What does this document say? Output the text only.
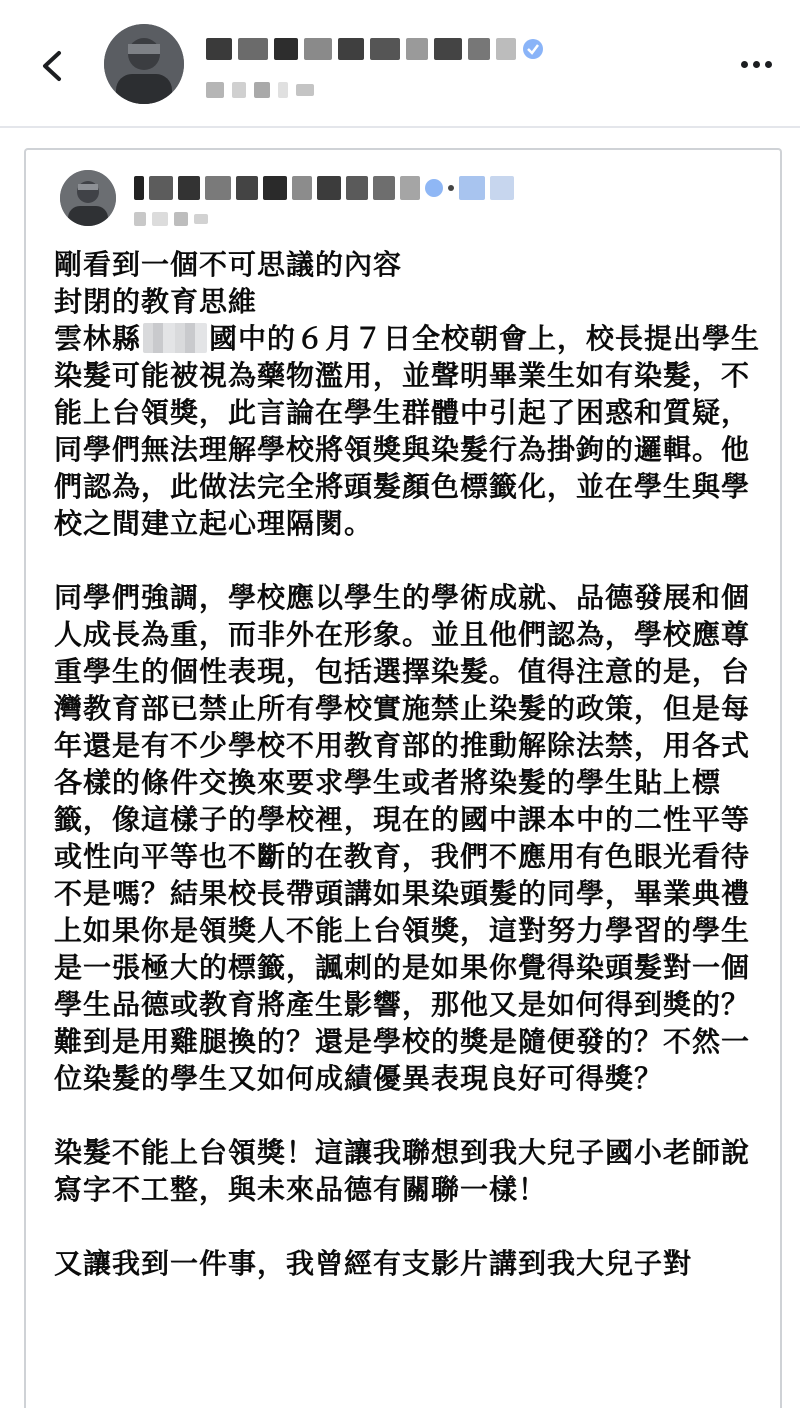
剛看到一個不可思議的內容

封閉的教育思維

雲林縣 國中的６月７日全校朝會上，校長提出學生染髮可能被視為藥物濫用，並聲明畢業生如有染髮，不能上台領獎，此言論在學生群體中引起了困惑和質疑，同學們無法理解學校將領獎與染髮行為掛鉤的邏輯。他們認為，此做法完全將頭髮顏色標籤化，並在學生與學校之間建立起心理隔閡。

同學們強調，學校應以學生的學術成就、品德發展和個人成長為重，而非外在形象。並且他們認為，學校應尊重學生的個性表現，包括選擇染髮。值得注意的是，台灣教育部已禁止所有學校實施禁止染髮的政策，但是每年還是有不少學校不用教育部的推動解除法禁，用各式各樣的條件交換來要求學生或者將染髮的學生貼上標籤，像這樣子的學校裡，現在的國中課本中的二性平等或性向平等也不斷的在教育，我們不應用有色眼光看待不是嗎？結果校長帶頭講如果染頭髮的同學，畢業典禮上如果你是領獎人不能上台領獎，這對努力學習的學生是一張極大的標籤，諷刺的是如果你覺得染頭髮對一個學生品德或教育將產生影響，那他又是如何得到獎的？難到是用雞腿換的？還是學校的獎是隨便發的？不然一位染髮的學生又如何成績優異表現良好可得獎？

染髮不能上台領獎！這讓我聯想到我大兒子國小老師說寫字不工整，與未來品德有關聯一樣！

又讓我到一件事，我曾經有支影片講到我大兒子對
